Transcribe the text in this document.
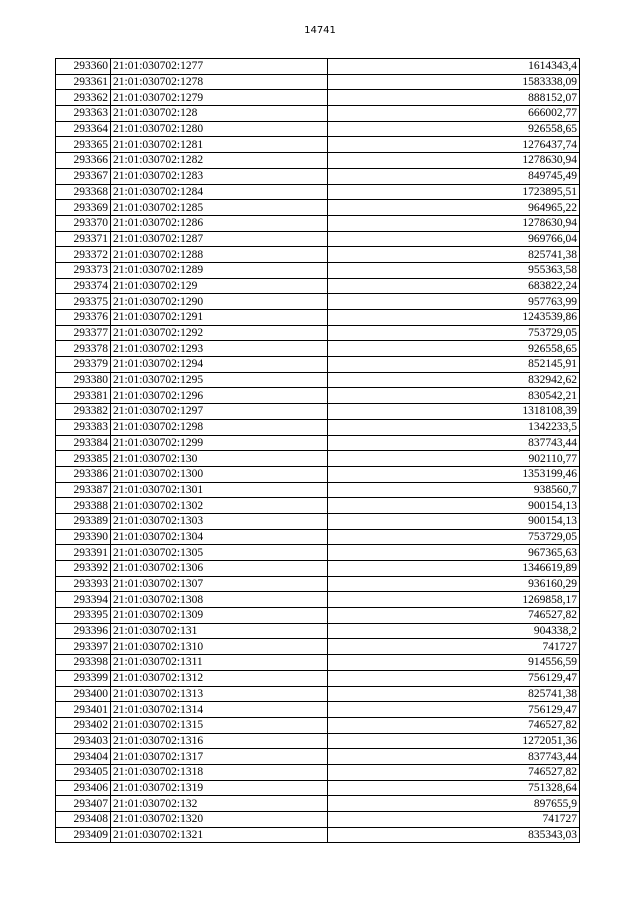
14741
293360	21:01:030702:1277	1614343,4
293361	21:01:030702:1278	1583338,09
293362	21:01:030702:1279	888152,07
293363	21:01:030702:128	666002,77
293364	21:01:030702:1280	926558,65
293365	21:01:030702:1281	1276437,74
293366	21:01:030702:1282	1278630,94
293367	21:01:030702:1283	849745,49
293368	21:01:030702:1284	1723895,51
293369	21:01:030702:1285	964965,22
293370	21:01:030702:1286	1278630,94
293371	21:01:030702:1287	969766,04
293372	21:01:030702:1288	825741,38
293373	21:01:030702:1289	955363,58
293374	21:01:030702:129	683822,24
293375	21:01:030702:1290	957763,99
293376	21:01:030702:1291	1243539,86
293377	21:01:030702:1292	753729,05
293378	21:01:030702:1293	926558,65
293379	21:01:030702:1294	852145,91
293380	21:01:030702:1295	832942,62
293381	21:01:030702:1296	830542,21
293382	21:01:030702:1297	1318108,39
293383	21:01:030702:1298	1342233,5
293384	21:01:030702:1299	837743,44
293385	21:01:030702:130	902110,77
293386	21:01:030702:1300	1353199,46
293387	21:01:030702:1301	938560,7
293388	21:01:030702:1302	900154,13
293389	21:01:030702:1303	900154,13
293390	21:01:030702:1304	753729,05
293391	21:01:030702:1305	967365,63
293392	21:01:030702:1306	1346619,89
293393	21:01:030702:1307	936160,29
293394	21:01:030702:1308	1269858,17
293395	21:01:030702:1309	746527,82
293396	21:01:030702:131	904338,2
293397	21:01:030702:1310	741727
293398	21:01:030702:1311	914556,59
293399	21:01:030702:1312	756129,47
293400	21:01:030702:1313	825741,38
293401	21:01:030702:1314	756129,47
293402	21:01:030702:1315	746527,82
293403	21:01:030702:1316	1272051,36
293404	21:01:030702:1317	837743,44
293405	21:01:030702:1318	746527,82
293406	21:01:030702:1319	751328,64
293407	21:01:030702:132	897655,9
293408	21:01:030702:1320	741727
293409	21:01:030702:1321	835343,03
